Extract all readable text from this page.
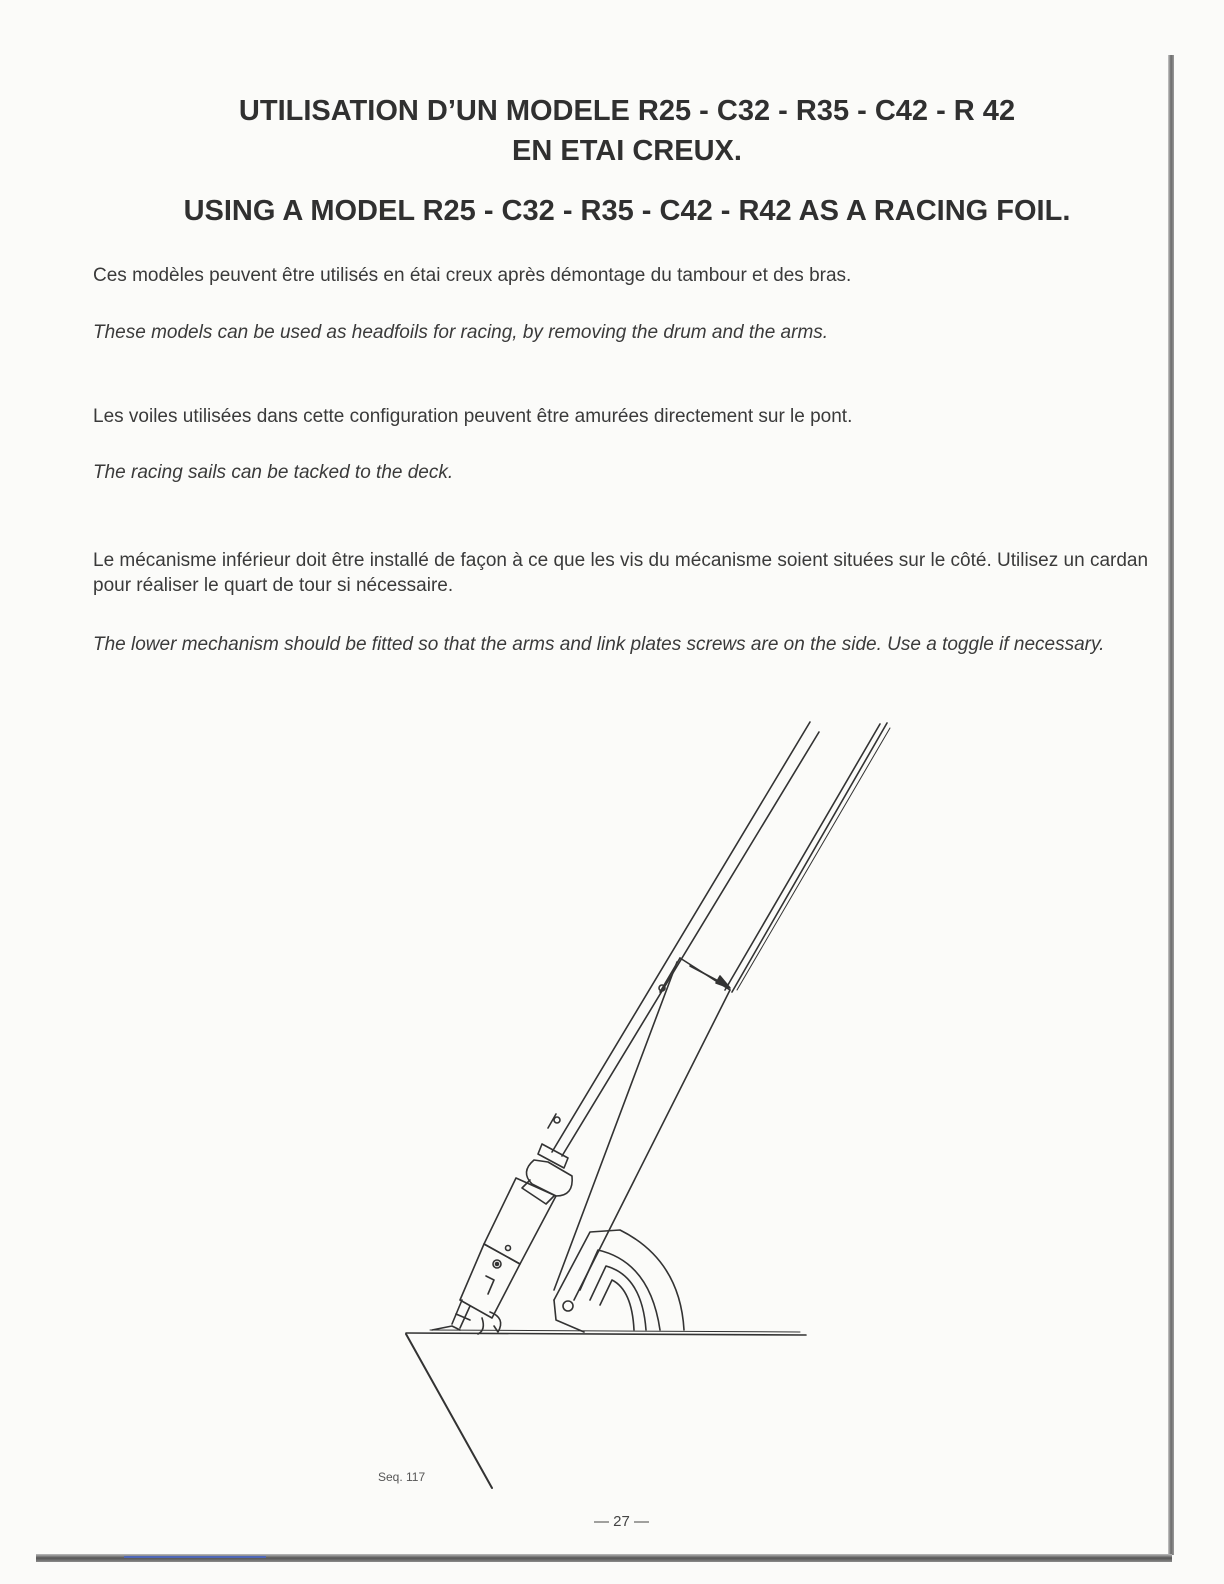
UTILISATION D’UN MODELE R25 - C32 - R35 - C42 - R 42
EN ETAI CREUX.
USING A MODEL R25 - C32 - R35 - C42 - R42 AS A RACING FOIL.

Ces modèles peuvent être utilisés en étai creux après démontage du tambour et des bras.

These models can be used as headfoils for racing, by removing the drum and the arms.

Les voiles utilisées dans cette configuration peuvent être amurées directement sur le pont.

The racing sails can be tacked to the deck.

Le mécanisme inférieur doit être installé de façon à ce que les vis du mécanisme soient situées sur le côté. Utilisez un cardan pour réaliser le quart de tour si nécessaire.

The lower mechanism should be fitted so that the arms and link plates screws are on the side. Use a toggle if necessary.

Seq. 117
— 27 —
